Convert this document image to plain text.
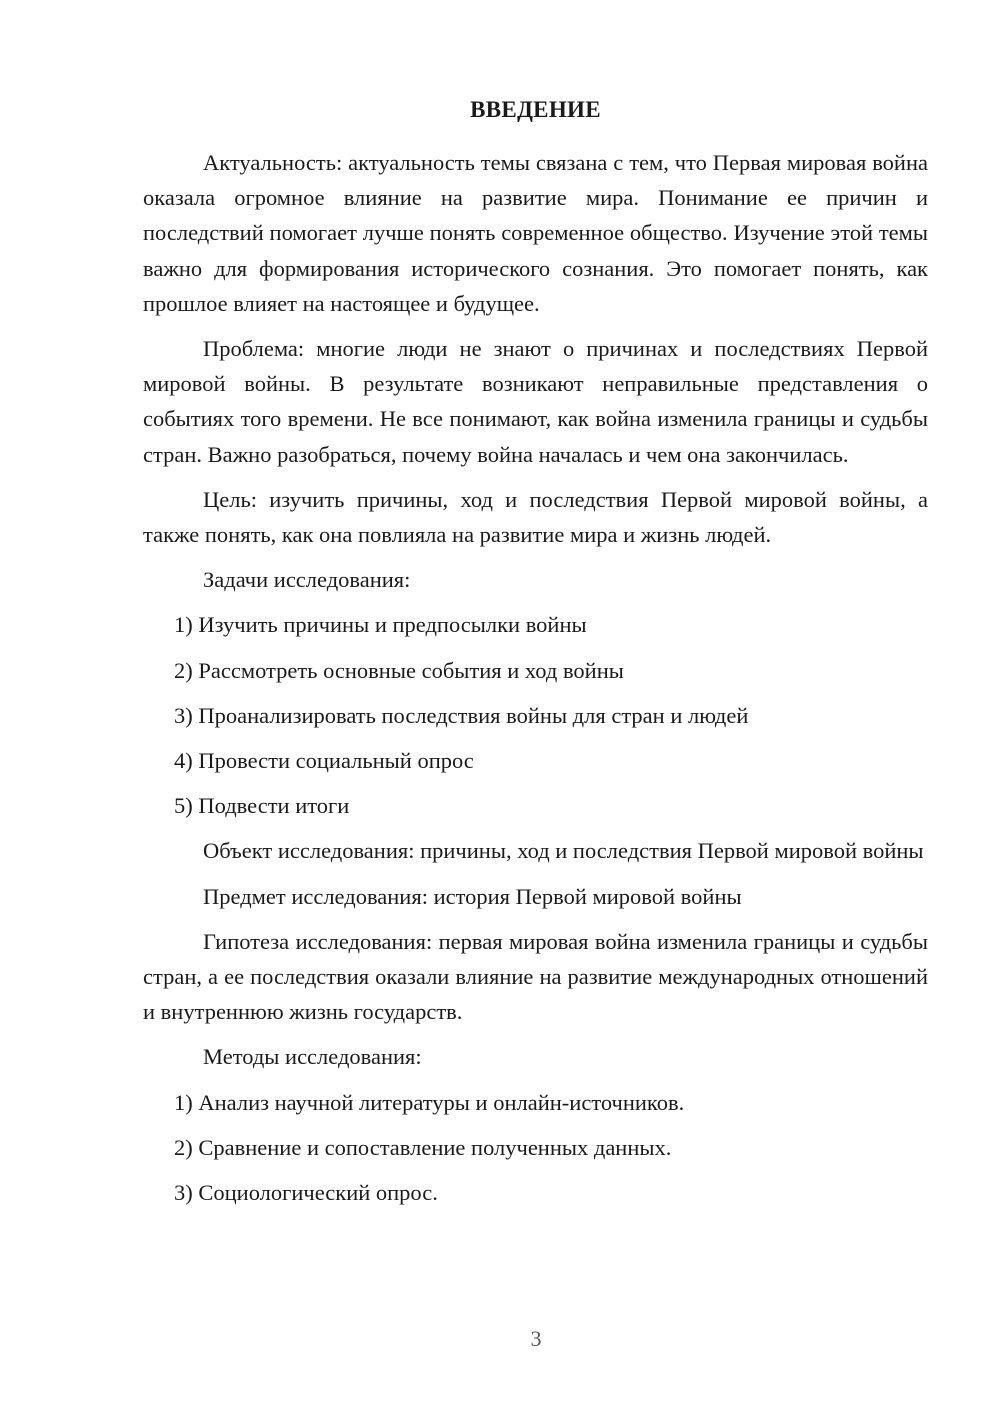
ВВЕДЕНИЕ

Актуальность: актуальность темы связана с тем, что Первая мировая война оказала огромное влияние на развитие мира. Понимание ее причин и последствий помогает лучше понять современное общество. Изучение этой темы важно для формирования исторического сознания. Это помогает понять, как прошлое влияет на настоящее и будущее.

Проблема: многие люди не знают о причинах и последствиях Первой мировой войны. В результате возникают неправильные представления о событиях того времени. Не все понимают, как война изменила границы и судьбы стран. Важно разобраться, почему война началась и чем она закончилась.

Цель: изучить причины, ход и последствия Первой мировой войны, а также понять, как она повлияла на развитие мира и жизнь людей.

Задачи исследования:

1) Изучить причины и предпосылки войны

2) Рассмотреть основные события и ход войны

3) Проанализировать последствия войны для стран и людей

4) Провести социальный опрос

5) Подвести итоги

Объект исследования: причины, ход и последствия Первой мировой войны

Предмет исследования: история Первой мировой войны

Гипотеза исследования: первая мировая война изменила границы и судьбы стран, а ее последствия оказали влияние на развитие международных отношений и внутреннюю жизнь государств.

Методы исследования:

1) Анализ научной литературы и онлайн-источников.

2) Сравнение и сопоставление полученных данных.

3) Социологический опрос.

3
